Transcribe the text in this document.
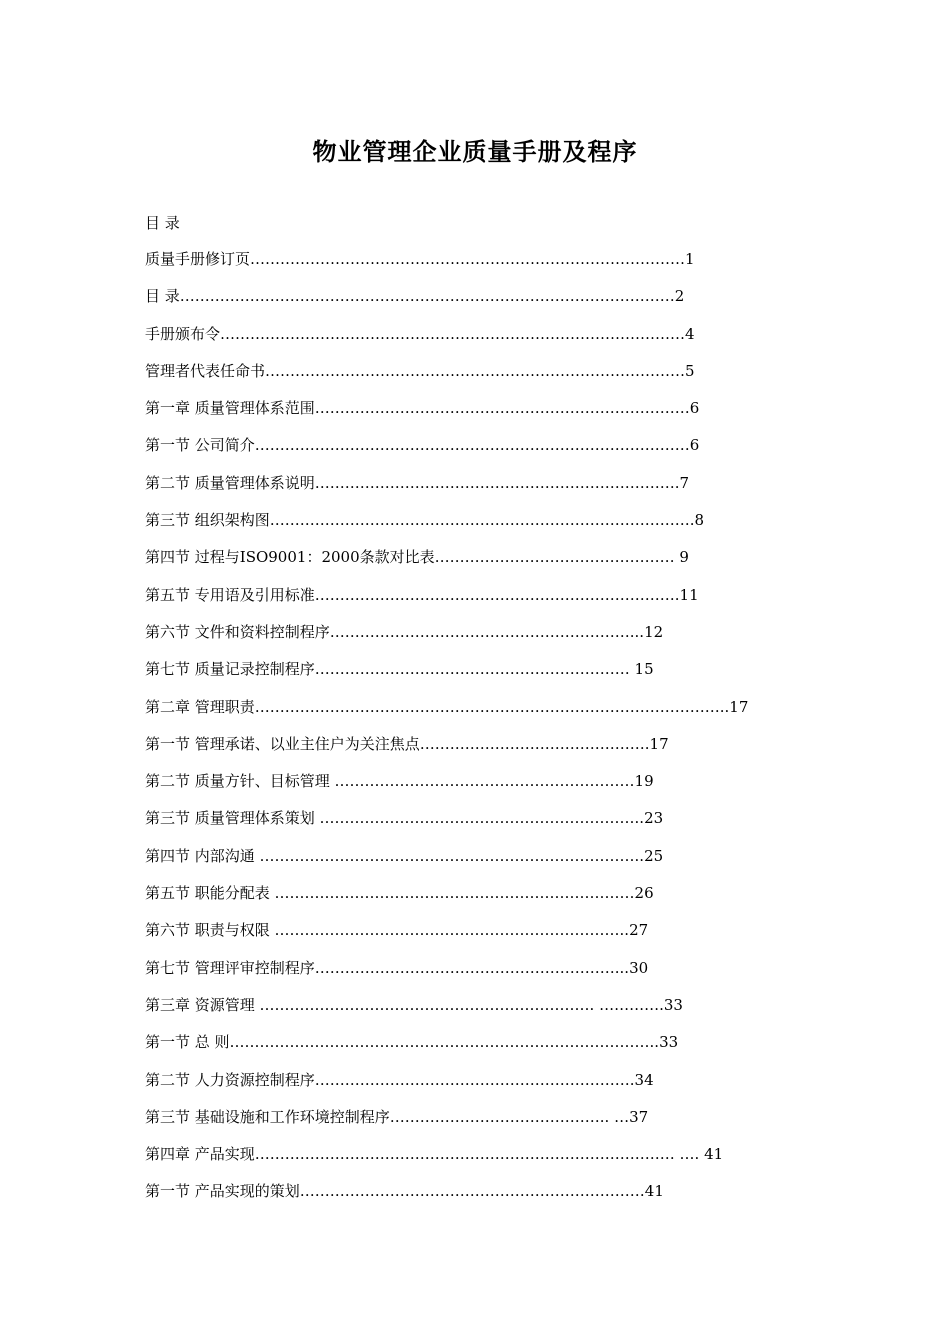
物业管理企业质量手册及程序
目 录
质量手册修订页……………………………………………………………………………1
目 录………………………………………………………………………………………2
手册颁布令…………………………………………………………………………………4
管理者代表任命书…………………………………………………………………………5
第一章 质量管理体系范围…………………………………………………………………6
第一节 公司简介……………………………………………………………………………6
第二节 质量管理体系说明……………………………………………………………….7
第三节 组织架构图………………………………………………………………………….8
第四节 过程与ISO9001：2000条款对比表………………………………………… 9
第五节 专用语及引用标准……………………………………………………………….11
第六节 文件和资料控制程序……………………………………………………...12
第七节 质量记录控制程序……………………………………………………… 15
第二章 管理职责…………………………………………………………………………………..17
第一节 管理承诺、以业主住户为关注焦点……………………………………….17
第二节 质量方针、目标管理 ……………………………………………………19
第三节 质量管理体系策划 ………………………………………………………..23
第四节 内部沟通 …………………………………………………………………..25
第五节 职能分配表 ………………………………………………………………26
第六节 职责与权限 ……………………………………………………………..27
第七节 管理评审控制程序……………………………………………………...30
第三章 资源管理 …………………………………………………………. ………….33
第一节 总 则…………………………………………………………………………..33
第二节 人力资源控制程序……………………………………………………….34
第三节 基础设施和工作环境控制程序…………………………………….. …37
第四章 产品实现………………………………………………………………………… …. 41
第一节 产品实现的策划……………………………………………………………41
